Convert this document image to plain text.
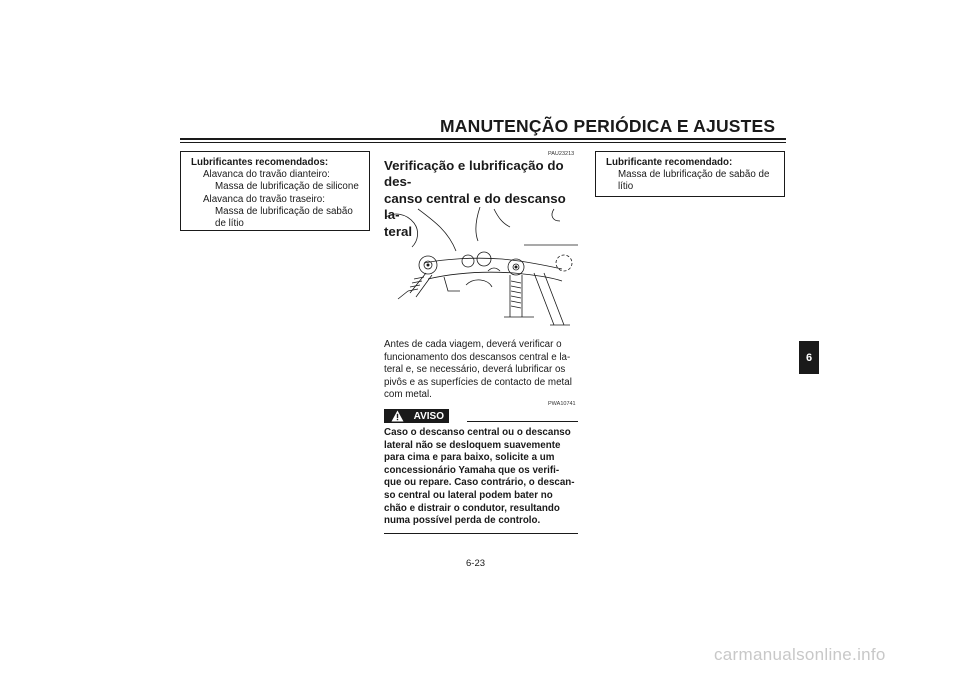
MANUTENÇÃO PERIÓDICA E AJUSTES
Lubrificantes recomendados:
Alavanca do travão dianteiro:
Massa de lubrificação de silicone
Alavanca do travão traseiro:
Massa de lubrificação de sabão
de lítio
PAU23213
Verificação e lubrificação do des-
canso central e do descanso la-
teral
Antes de cada viagem, deverá verificar o
funcionamento dos descansos central e la-
teral e, se necessário, deverá lubrificar os
pivôs e as superfícies de contacto de metal
com metal.
PWA10741
AVISO
Caso o descanso central ou o descanso
lateral não se desloquem suavemente
para cima e para baixo, solicite a um
concessionário Yamaha que os verifi-
que ou repare. Caso contrário, o descan-
so central ou lateral podem bater no
chão e distrair o condutor, resultando
numa possível perda de controlo.
Lubrificante recomendado:
Massa de lubrificação de sabão de
lítio
6-23
6
carmanualsonline.info
